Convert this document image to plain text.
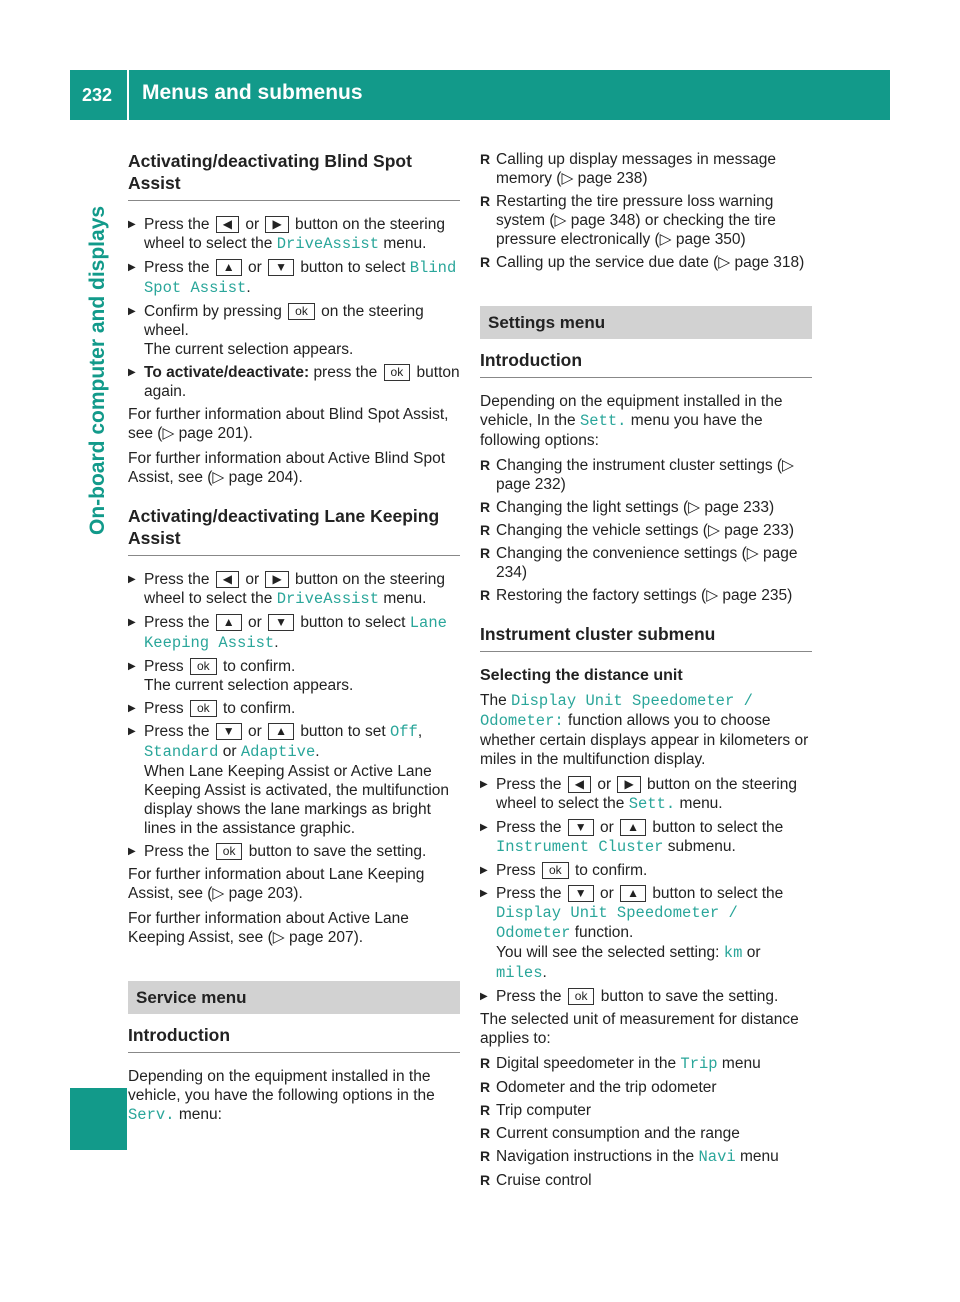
232 Menus and submenus
On-board computer and displays
Activating/deactivating Blind Spot Assist
▶ Press the ◀ or ▶ button on the steering wheel to select the DriveAssist menu.
▶ Press the ▲ or ▼ button to select Blind Spot Assist.
▶ Confirm by pressing ok on the steering wheel.
The current selection appears.
▶ To activate/deactivate: press the ok button again.

For further information about Blind Spot Assist, see (▷ page 201).

For further information about Active Blind Spot Assist, see (▷ page 204).

Activating/deactivating Lane Keeping Assist
▶ Press the ◀ or ▶ button on the steering wheel to select the DriveAssist menu.
▶ Press the ▲ or ▼ button to select Lane Keeping Assist.
▶ Press ok to confirm.
The current selection appears.
▶ Press ok to confirm.
▶ Press the ▼ or ▲ button to set Off, Standard or Adaptive.
When Lane Keeping Assist or Active Lane Keeping Assist is activated, the multifunction display shows the lane markings as bright lines in the assistance graphic.
▶ Press the ok button to save the setting.

For further information about Lane Keeping Assist, see (▷ page 203).

For further information about Active Lane Keeping Assist, see (▷ page 207).

Service menu
Introduction

Depending on the equipment installed in the vehicle, you have the following options in the Serv. menu:

R Calling up display messages in message memory (▷ page 238)
R Restarting the tire pressure loss warning system (▷ page 348) or checking the tire pressure electronically (▷ page 350)
R Calling up the service due date (▷ page 318)
Settings menu
Introduction

Depending on the equipment installed in the vehicle, In the Sett. menu you have the following options:

R Changing the instrument cluster settings (▷ page 232)
R Changing the light settings (▷ page 233)
R Changing the vehicle settings (▷ page 233)
R Changing the convenience settings (▷ page 234)
R Restoring the factory settings (▷ page 235)
Instrument cluster submenu
Selecting the distance unit

The Display Unit Speedometer / Odometer: function allows you to choose whether certain displays appear in kilometers or miles in the multifunction display.

▶ Press the ◀ or ▶ button on the steering wheel to select the Sett. menu.
▶ Press the ▼ or ▲ button to select the Instrument Cluster submenu.
▶ Press ok to confirm.
▶ Press the ▼ or ▲ button to select the Display Unit Speedometer / Odometer function.
You will see the selected setting: km or miles.
▶ Press the ok button to save the setting.

The selected unit of measurement for distance applies to:

R Digital speedometer in the Trip menu
R Odometer and the trip odometer
R Trip computer
R Current consumption and the range
R Navigation instructions in the Navi menu
R Cruise control
